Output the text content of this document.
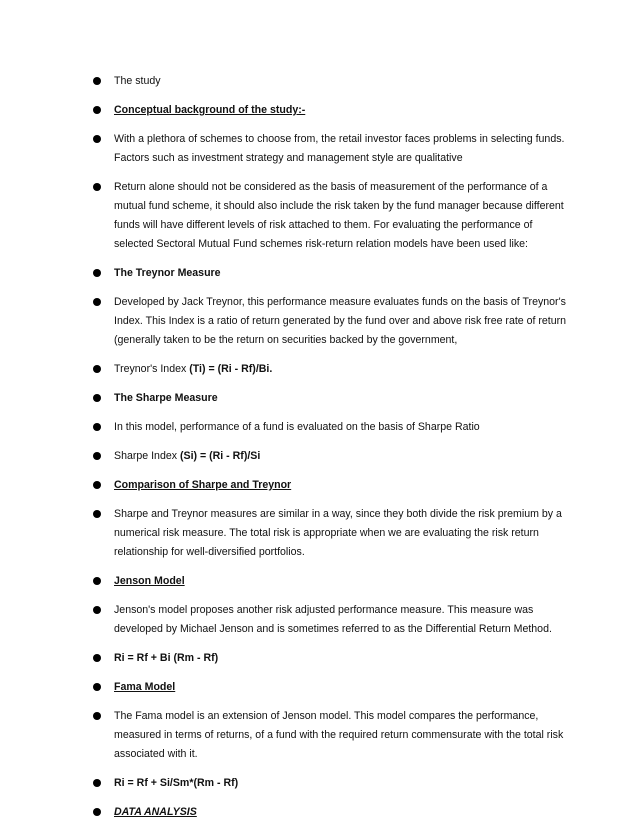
The study
Conceptual background of the study:-
With a plethora of schemes to choose from, the retail investor faces problems in selecting funds. Factors such as investment strategy and management style are qualitative
Return alone should not be considered as the basis of measurement of the performance of a mutual fund scheme, it should also include the risk taken by the fund manager because different funds will have different levels of risk attached to them. For evaluating the performance of selected Sectoral Mutual Fund schemes risk-return relation models have been used like:
The Treynor Measure
Developed by Jack Treynor, this performance measure evaluates funds on the basis of Treynor's Index. This Index is a ratio of return generated by the fund over and above risk free rate of return (generally taken to be the return on securities backed by the government,
Treynor's Index (Ti) = (Ri - Rf)/Bi.
The Sharpe Measure
In this model, performance of a fund is evaluated on the basis of Sharpe Ratio
Sharpe Index (Si) = (Ri - Rf)/Si
Comparison of Sharpe and Treynor
Sharpe and Treynor measures are similar in a way, since they both divide the risk premium by a numerical risk measure. The total risk is appropriate when we are evaluating the risk return relationship for well-diversified portfolios.
Jenson Model
Jenson's model proposes another risk adjusted performance measure. This measure was developed by Michael Jenson and is sometimes referred to as the Differential Return Method.
Ri = Rf + Bi (Rm - Rf)
Fama Model
The Fama model is an extension of Jenson model. This model compares the performance, measured in terms of returns, of a fund with the required return commensurate with the total risk associated with it.
Ri = Rf + Si/Sm*(Rm - Rf)
DATA ANALYSIS
